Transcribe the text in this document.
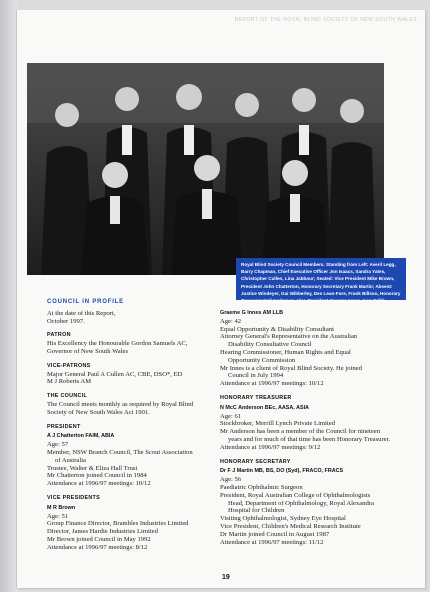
REPORT OF THE ROYAL BLIND SOCIETY OF NEW SOUTH WALES
Royal Blind Society Council Members. Standing from Left: Averil Legg, Barry Chapman, Chief Executive Officer Jon Isaacs, Sandra Yates, Christopher Cullen, Lina Jabbour; Seated: Vice President Mike Brown, President John Chatterton, Honorary Secretary Frank Martin; Absent: Justice Windeyer, Gai Wibberley, Des Lean-Fore, Frank Billson, Honorary Treasurer Neil Anderson, Vice President Graeme Innes, Ivan Cribb.
COUNCIL IN PROFILE
At the date of this Report,
October 1997.
PATRON
His Excellency the Honourable Gordon Samuels AC,
Governor of New South Wales
VICE-PATRONS
Major General Paul A Cullen AC, CBE, DSO*, ED
M J Roberts AM
THE COUNCIL
The Council meets monthly as required by Royal Blind
Society of New South Wales Act 1901.
PRESIDENT
A J Chatterton FAIM, ABIA
Age: 57
Member, NSW Branch Council, The Scout Association
of Australia
Trustee, Walter & Eliza Hall Trust
Mr Chatterton joined Council in 1984
Attendance at 1996/97 meetings: 10/12
VICE PRESIDENTS
M R Brown
Age: 51
Group Finance Director, Brambles Industries Limited
Director, James Hardie Industries Limited
Mr Brown joined Council in May 1992
Attendance at 1996/97 meetings: 8/12
Graeme G Innes AM LLB
Age: 42
Equal Opportunity & Disability Consultant
Attorney General's Representative on the Australian
Disability Consultative Council
Hearing Commissioner, Human Rights and Equal
Opportunity Commission
Mr Innes is a client of Royal Blind Society. He joined
Council in July 1994
Attendance at 1996/97 meetings: 10/12
HONORARY TREASURER
N McC Anderson BEc, AASA, ASIA
Age: 61
Stockbroker, Merrill Lynch Private Limited
Mr Anderson has been a member of the Council for nineteen
years and for much of that time has been Honorary Treasurer.
Attendance at 1996/97 meetings: 9/12
HONORARY SECRETARY
Dr F J Martin MB, BS, DO (Syd), FRACO, FRACS
Age: 56
Paediatric Ophthalmic Surgeon
President, Royal Australian College of Ophthalmologists
Head, Department of Ophthalmology, Royal Alexandra
Hospital for Children
Visiting Ophthalmologist, Sydney Eye Hospital
Vice President, Children's Medical Research Institute
Dr Martin joined Council in August 1987
Attendance at 1996/97 meetings: 11/12
19
